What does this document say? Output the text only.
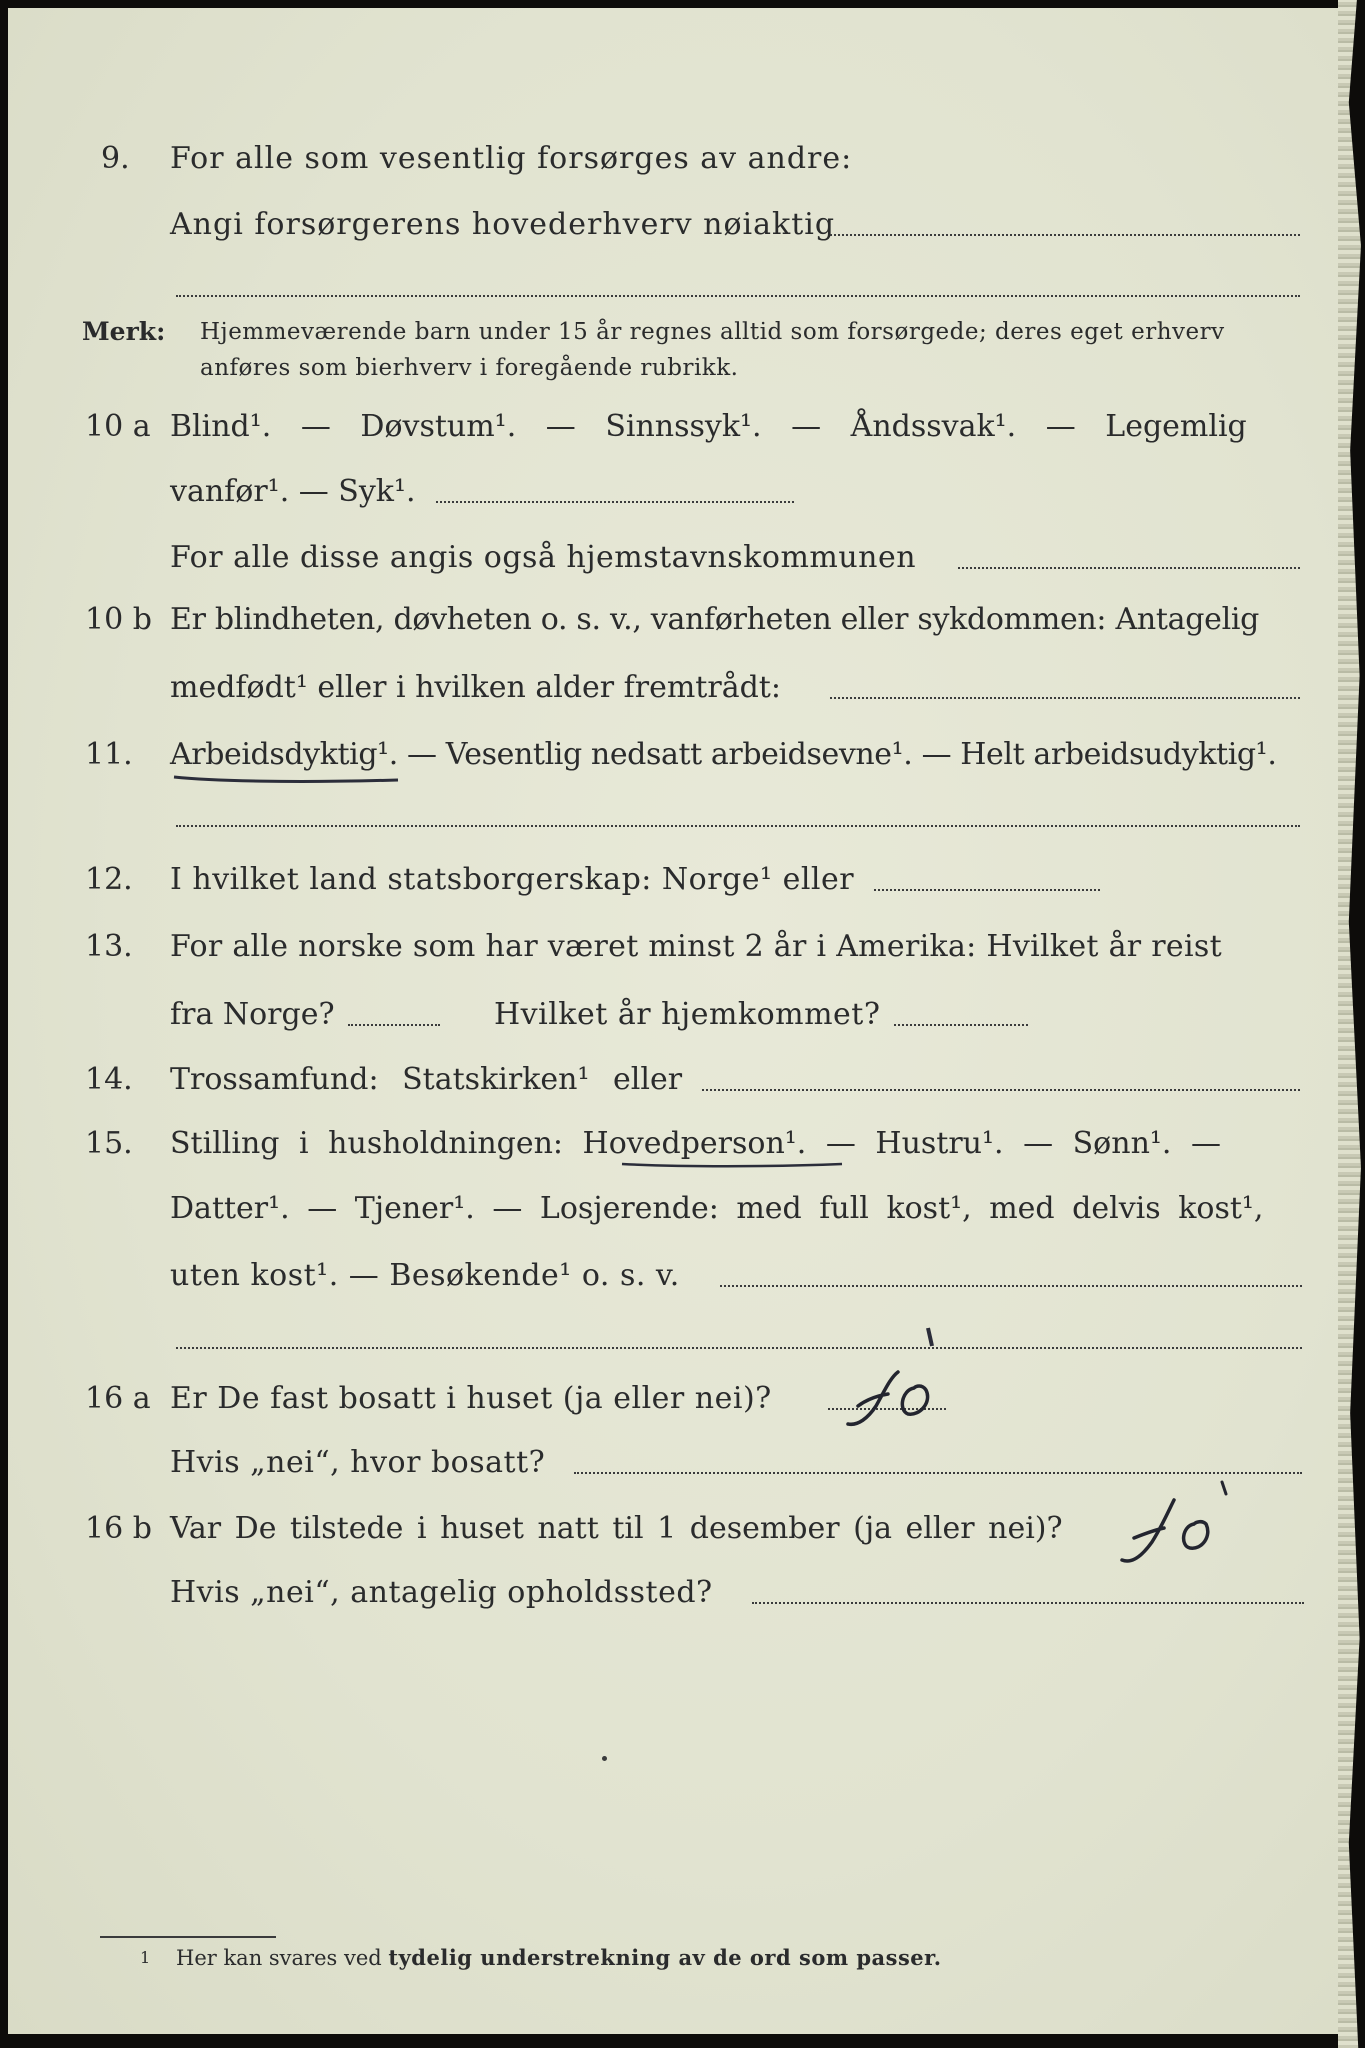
9. For alle som vesentlig forsørges av andre:
Angi forsørgerens hovederhverv nøiaktig
Merk: Hjemmeværende barn under 15 år regnes alltid som forsørgede; deres eget erhverv
anføres som bierhverv i foregående rubrikk.
10 a Blind¹. — Døvstum¹. — Sinnssyk¹. — Åndssvak¹. — Legemlig
vanfør¹. — Syk¹.
For alle disse angis også hjemstavnskommunen
10 b Er blindheten, døvheten o. s. v., vanførheten eller sykdommen: Antagelig
medfødt¹ eller i hvilken alder fremtrådt:
11. Arbeidsdyktig¹. — Vesentlig nedsatt arbeidsevne¹. — Helt arbeidsudyktig¹.
12. I hvilket land statsborgerskap: Norge¹ eller
13. For alle norske som har været minst 2 år i Amerika: Hvilket år reist
fra Norge?	Hvilket år hjemkommet?
14. Trossamfund: Statskirken¹ eller
15. Stilling i husholdningen: Hovedperson¹. — Hustru¹. — Sønn¹. —
Datter¹. — Tjener¹. — Losjerende: med full kost¹, med delvis kost¹,
uten kost¹. — Besøkende¹ o. s. v.
16 a Er De fast bosatt i huset (ja eller nei)?
Hvis „nei“, hvor bosatt?
16 b Var De tilstede i huset natt til 1 desember (ja eller nei)?
Hvis „nei“, antagelig opholdssted?
1 Her kan svares ved tydelig understrekning av de ord som passer.
